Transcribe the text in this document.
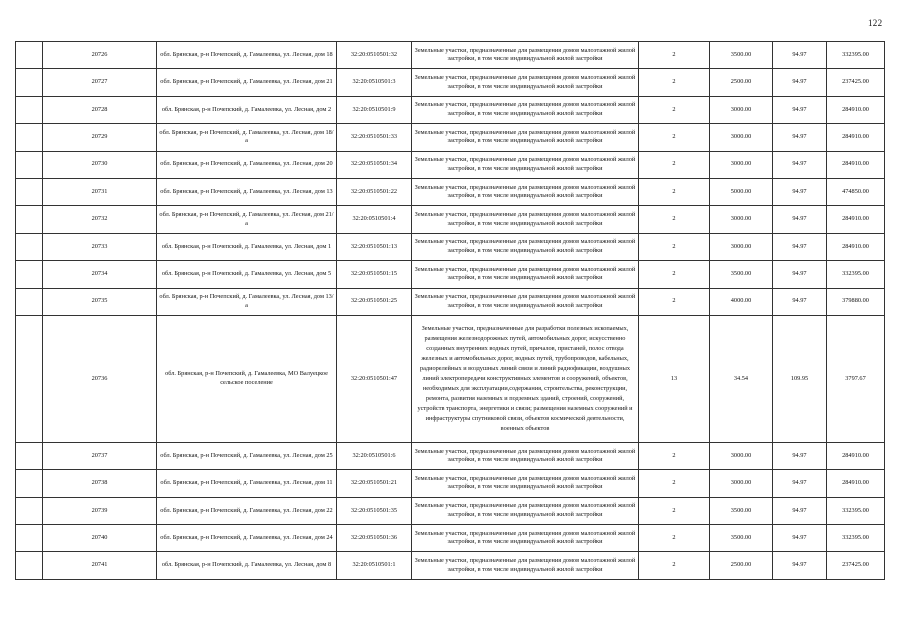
122
	20726	обл. Брянская, р-н Почепский, д. Гамалеевка, ул. Лесная, дом 18	32:20:0510501:32	Земельные участки, предназначенные для размещения домов малоэтажной жилой застройки, в том числе индивидуальной жилой застройки	2	3500.00	94.97	332395.00
	20727	обл. Брянская, р-н Почепский, д. Гамалеевка, ул. Лесная, дом 21	32:20:0510501:3	Земельные участки, предназначенные для размещения домов малоэтажной жилой застройки, в том числе индивидуальной жилой застройки	2	2500.00	94.97	237425.00
	20728	обл. Брянская, р-н Почепский, д. Гамалеевка, ул. Лесная, дом 2	32:20:0510501:9	Земельные участки, предназначенные для размещения домов малоэтажной жилой застройки, в том числе индивидуальной жилой застройки	2	3000.00	94.97	284910.00
	20729	обл. Брянская, р-н Почепский, д. Гамалеевка, ул. Лесная, дом 18/а	32:20:0510501:33	Земельные участки, предназначенные для размещения домов малоэтажной жилой застройки, в том числе индивидуальной жилой застройки	2	3000.00	94.97	284910.00
	20730	обл. Брянская, р-н Почепский, д. Гамалеевка, ул. Лесная, дом 20	32:20:0510501:34	Земельные участки, предназначенные для размещения домов малоэтажной жилой застройки, в том числе индивидуальной жилой застройки	2	3000.00	94.97	284910.00
	20731	обл. Брянская, р-н Почепский, д. Гамалеевка, ул. Лесная, дом 13	32:20:0510501:22	Земельные участки, предназначенные для размещения домов малоэтажной жилой застройки, в том числе индивидуальной жилой застройки	2	5000.00	94.97	474850.00
	20732	обл. Брянская, р-н Почепский, д. Гамалеевка, ул. Лесная, дом 21/а	32:20:0510501:4	Земельные участки, предназначенные для размещения домов малоэтажной жилой застройки, в том числе индивидуальной жилой застройки	2	3000.00	94.97	284910.00
	20733	обл. Брянская, р-н Почепский, д. Гамалеевка, ул. Лесная, дом 1	32:20:0510501:13	Земельные участки, предназначенные для размещения домов малоэтажной жилой застройки, в том числе индивидуальной жилой застройки	2	3000.00	94.97	284910.00
	20734	обл. Брянская, р-н Почепский, д. Гамалеевка, ул. Лесная, дом 5	32:20:0510501:15	Земельные участки, предназначенные для размещения домов малоэтажной жилой застройки, в том числе индивидуальной жилой застройки	2	3500.00	94.97	332395.00
	20735	обл. Брянская, р-н Почепский, д. Гамалеевка, ул. Лесная, дом 13/а	32:20:0510501:25	Земельные участки, предназначенные для размещения домов малоэтажной жилой застройки, в том числе индивидуальной жилой застройки	2	4000.00	94.97	379880.00
	20736	обл. Брянская, р-н Почепский, д. Гамалеевка, МО Валуецкое сельское поселение	32:20:0510501:47	Земельные участки, предназначенные для разработки полезных ископаемых, размещения железнодорожных путей, автомобильных дорог, искусственно созданных внутренних водных путей, причалов, пристаней, полос отвода железных и автомобильных дорог, водных путей, трубопроводов, кабельных, радиорелейных и воздушных линий связи и линий радиофикации, воздушных линий электропередачи конструктивных элементов и сооружений, объектов, необходимых для эксплуатации,содержания, строительства, реконструкции, ремонта, развития наземных и подземных зданий, строений, сооружений, устройств транспорта, энергетики и связи; размещения наземных сооружений и инфраструктуры спутниковой связи, объектов космической деятельности, военных объектов	13	34.54	109.95	3797.67
	20737	обл. Брянская, р-н Почепский, д. Гамалеевка, ул. Лесная, дом 25	32:20:0510501:6	Земельные участки, предназначенные для размещения домов малоэтажной жилой застройки, в том числе индивидуальной жилой застройки	2	3000.00	94.97	284910.00
	20738	обл. Брянская, р-н Почепский, д. Гамалеевка, ул. Лесная, дом 11	32:20:0510501:21	Земельные участки, предназначенные для размещения домов малоэтажной жилой застройки, в том числе индивидуальной жилой застройки	2	3000.00	94.97	284910.00
	20739	обл. Брянская, р-н Почепский, д. Гамалеевка, ул. Лесная, дом 22	32:20:0510501:35	Земельные участки, предназначенные для размещения домов малоэтажной жилой застройки, в том числе индивидуальной жилой застройки	2	3500.00	94.97	332395.00
	20740	обл. Брянская, р-н Почепский, д. Гамалеевка, ул. Лесная, дом 24	32:20:0510501:36	Земельные участки, предназначенные для размещения домов малоэтажной жилой застройки, в том числе индивидуальной жилой застройки	2	3500.00	94.97	332395.00
	20741	обл. Брянская, р-н Почепский, д. Гамалеевка, ул. Лесная, дом 8	32:20:0510501:1	Земельные участки, предназначенные для размещения домов малоэтажной жилой застройки, в том числе индивидуальной жилой застройки	2	2500.00	94.97	237425.00
